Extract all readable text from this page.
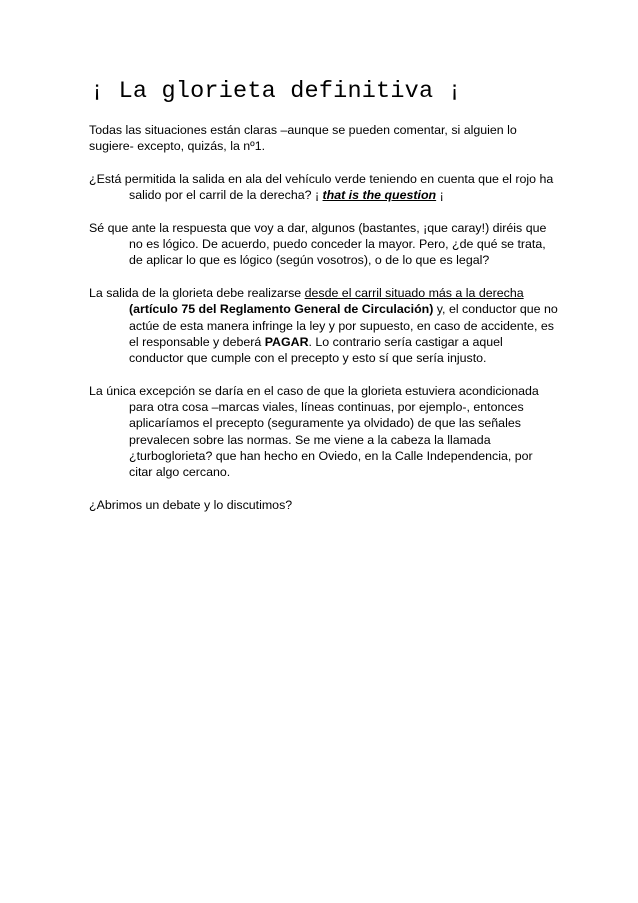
¡ La glorieta definitiva ¡

Todas las situaciones están claras –aunque se pueden comentar, si alguien lo sugiere- excepto, quizás, la nº1.

¿Está permitida la salida en ala del vehículo verde teniendo en cuenta que el rojo ha salido por el carril de la derecha? ¡ that is the question ¡

Sé que ante la respuesta que voy a dar, algunos (bastantes, ¡que caray!) diréis que no es lógico. De acuerdo, puedo conceder la mayor. Pero, ¿de qué se trata, de aplicar lo que es lógico (según vosotros), o de lo que es legal?

La salida de la glorieta debe realizarse desde el carril situado más a la derecha (artículo 75 del Reglamento General de Circulación) y, el conductor que no actúe de esta manera infringe la ley y por supuesto, en caso de accidente, es el responsable y deberá PAGAR. Lo contrario sería castigar a aquel conductor que cumple con el precepto y esto sí que sería injusto.

La única excepción se daría en el caso de que la glorieta estuviera acondicionada para otra cosa –marcas viales, líneas continuas, por ejemplo-, entonces aplicaríamos el precepto (seguramente ya olvidado) de que las señales prevalecen sobre las normas. Se me viene a la cabeza la llamada ¿turboglorieta? que han hecho en Oviedo, en la Calle Independencia, por citar algo cercano.

¿Abrimos un debate y lo discutimos?
